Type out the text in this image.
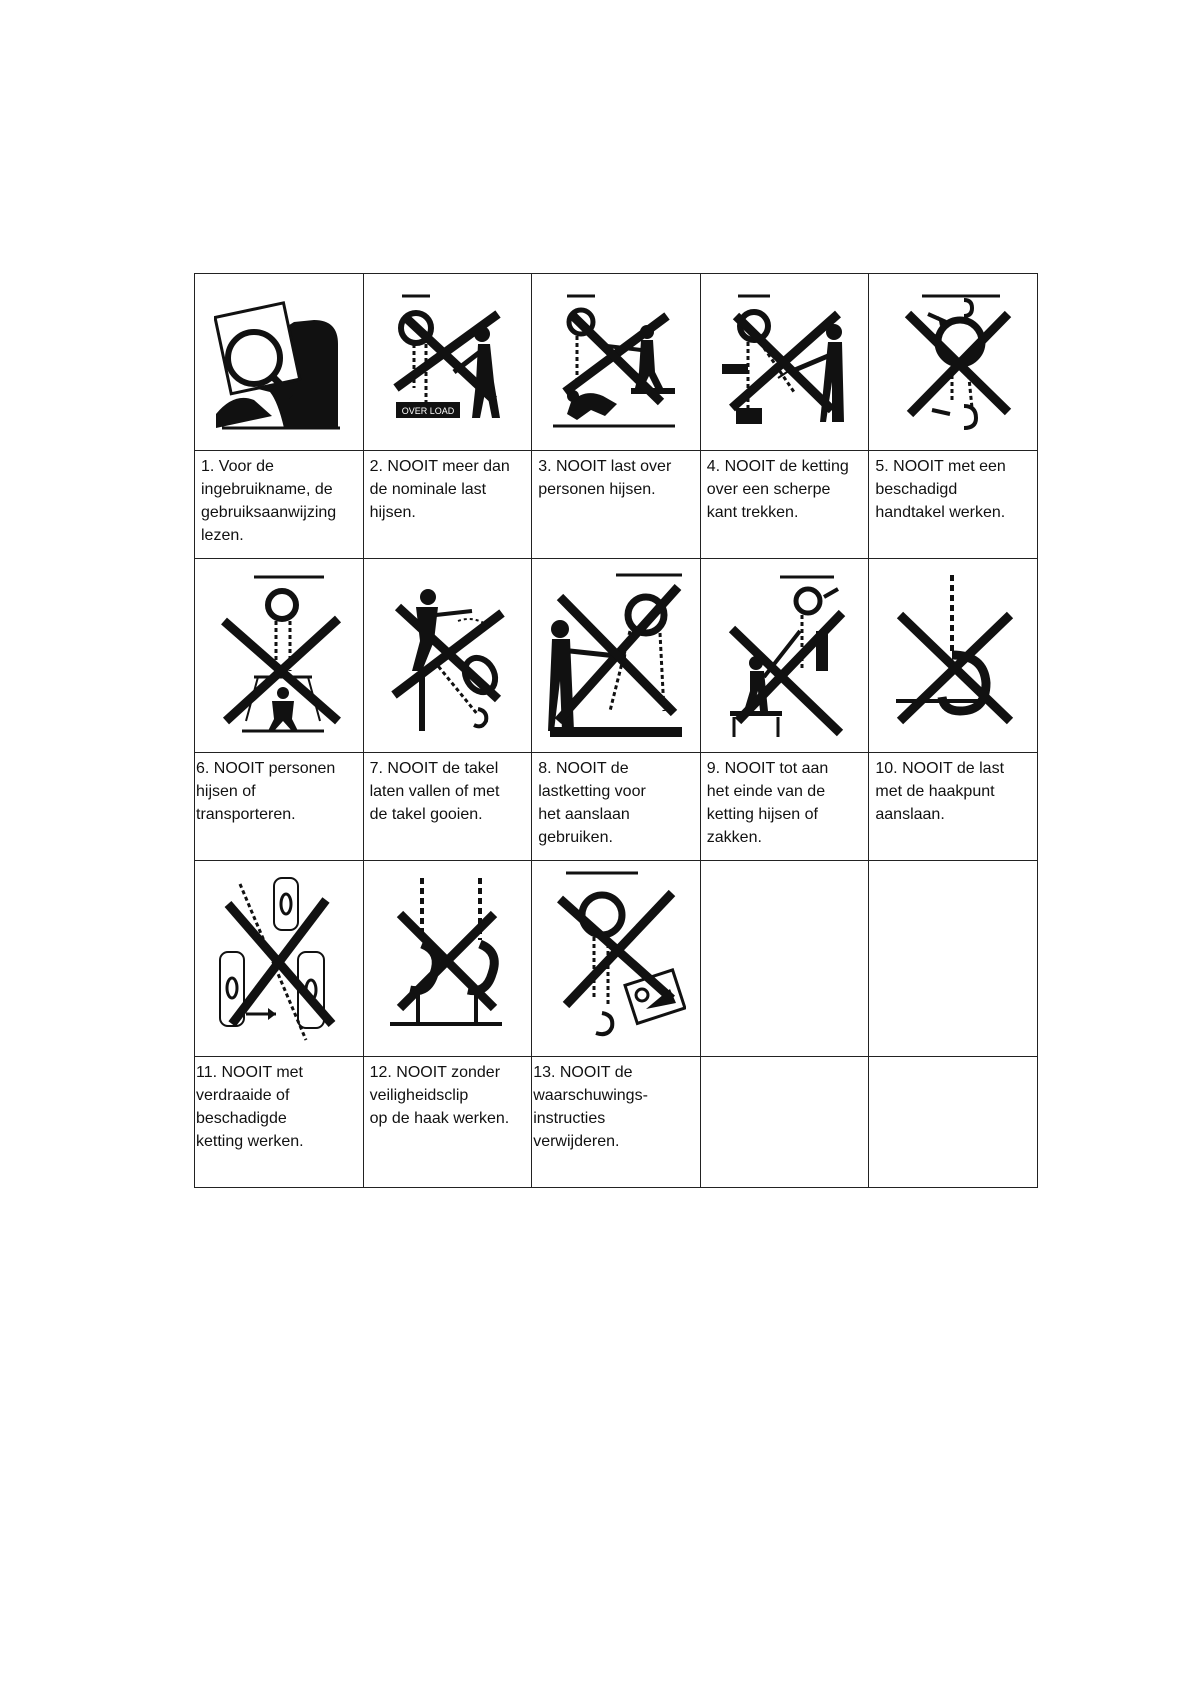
OVER LOAD

1. Voor de
ingebruikname, de
gebruiksaanwijzing
lezen.	2. NOOIT meer dan
de nominale last
hijsen.	3. NOOIT last over
personen hijsen.	4. NOOIT de ketting
over een scherpe
kant trekken.	5. NOOIT met een
beschadigd
handtakel werken.

6. NOOIT personen
hijsen of transporteren.	7. NOOIT de takel
laten vallen of met
de takel gooien.	8. NOOIT de
lastketting voor
het aanslaan
gebruiken.	9. NOOIT tot aan
het einde van de
ketting hijsen of
zakken.	10. NOOIT de last
met de haakpunt
aanslaan.

11. NOOIT met
verdraaide of
beschadigde
ketting werken.	12. NOOIT zonder
veiligheidsclip
op de haak werken.	13. NOOIT de
waarschuwings-
instructies
verwijderen.		
